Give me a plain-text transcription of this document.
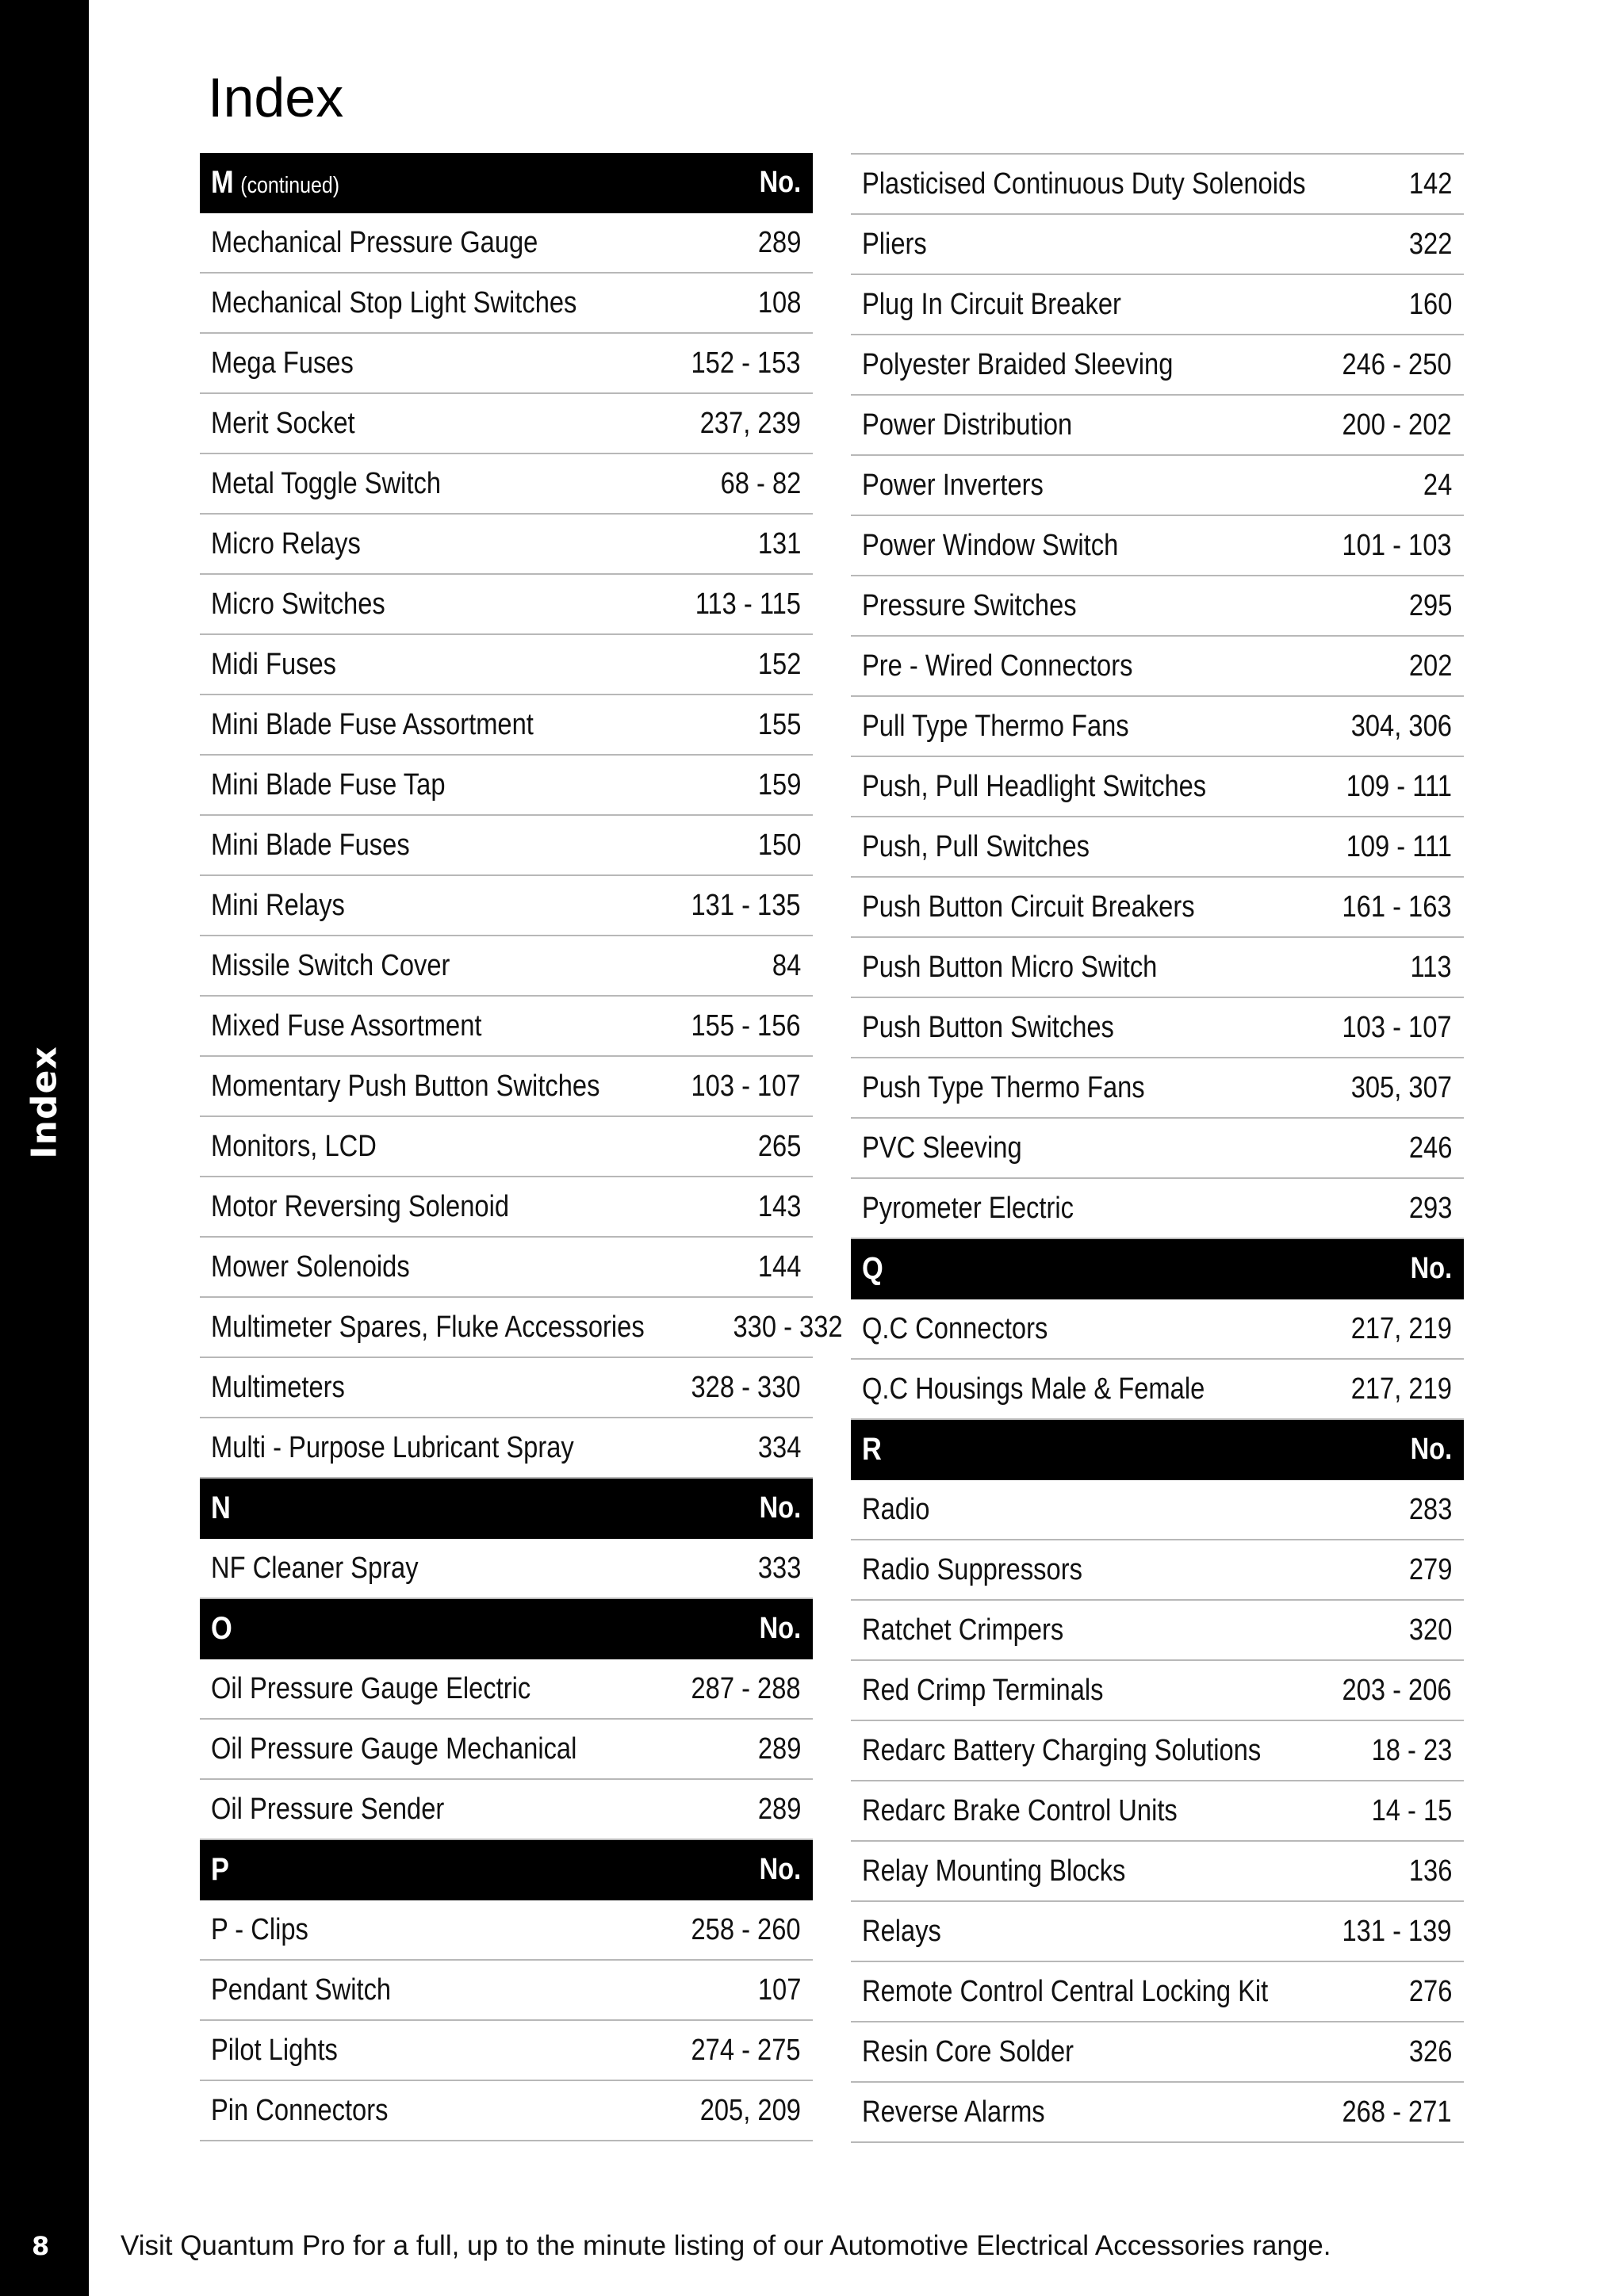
Index
8
Index
M (continued)	No.
Mechanical Pressure Gauge	289
Mechanical Stop Light Switches	108
Mega Fuses	152 - 153
Merit Socket	237, 239
Metal Toggle Switch	68 - 82
Micro Relays	131
Micro Switches	113 - 115
Midi Fuses	152
Mini Blade Fuse Assortment	155
Mini Blade Fuse Tap	159
Mini Blade Fuses	150
Mini Relays	131 - 135
Missile Switch Cover	84
Mixed Fuse Assortment	155 - 156
Momentary Push Button Switches	103 - 107
Monitors, LCD	265
Motor Reversing Solenoid	143
Mower Solenoids	144
Multimeter Spares, Fluke Accessories	330 - 332
Multimeters	328 - 330
Multi - Purpose Lubricant Spray	334
N	No.
NF Cleaner Spray	333
O	No.
Oil Pressure Gauge Electric	287 - 288
Oil Pressure Gauge Mechanical	289
Oil Pressure Sender	289
P	No.
P - Clips	258 - 260
Pendant Switch	107
Pilot Lights	274 - 275
Pin Connectors	205, 209
Plasticised Continuous Duty Solenoids	142
Pliers	322
Plug In Circuit Breaker	160
Polyester Braided Sleeving	246 - 250
Power Distribution	200 - 202
Power Inverters	24
Power Window Switch	101 - 103
Pressure Switches	295
Pre - Wired Connectors	202
Pull Type Thermo Fans	304, 306
Push, Pull Headlight Switches	109 - 111
Push, Pull Switches	109 - 111
Push Button Circuit Breakers	161 - 163
Push Button Micro Switch	113
Push Button Switches	103 - 107
Push Type Thermo Fans	305, 307
PVC Sleeving	246
Pyrometer Electric	293
Q	No.
Q.C Connectors	217, 219
Q.C Housings Male & Female	217, 219
R	No.
Radio	283
Radio Suppressors	279
Ratchet Crimpers	320
Red Crimp Terminals	203 - 206
Redarc Battery Charging Solutions	18 - 23
Redarc Brake Control Units	14 - 15
Relay Mounting Blocks	136
Relays	131 - 139
Remote Control Central Locking Kit	276
Resin Core Solder	326
Reverse Alarms	268 - 271
Visit Quantum Pro for a full, up to the minute listing of our Automotive Electrical Accessories range.
